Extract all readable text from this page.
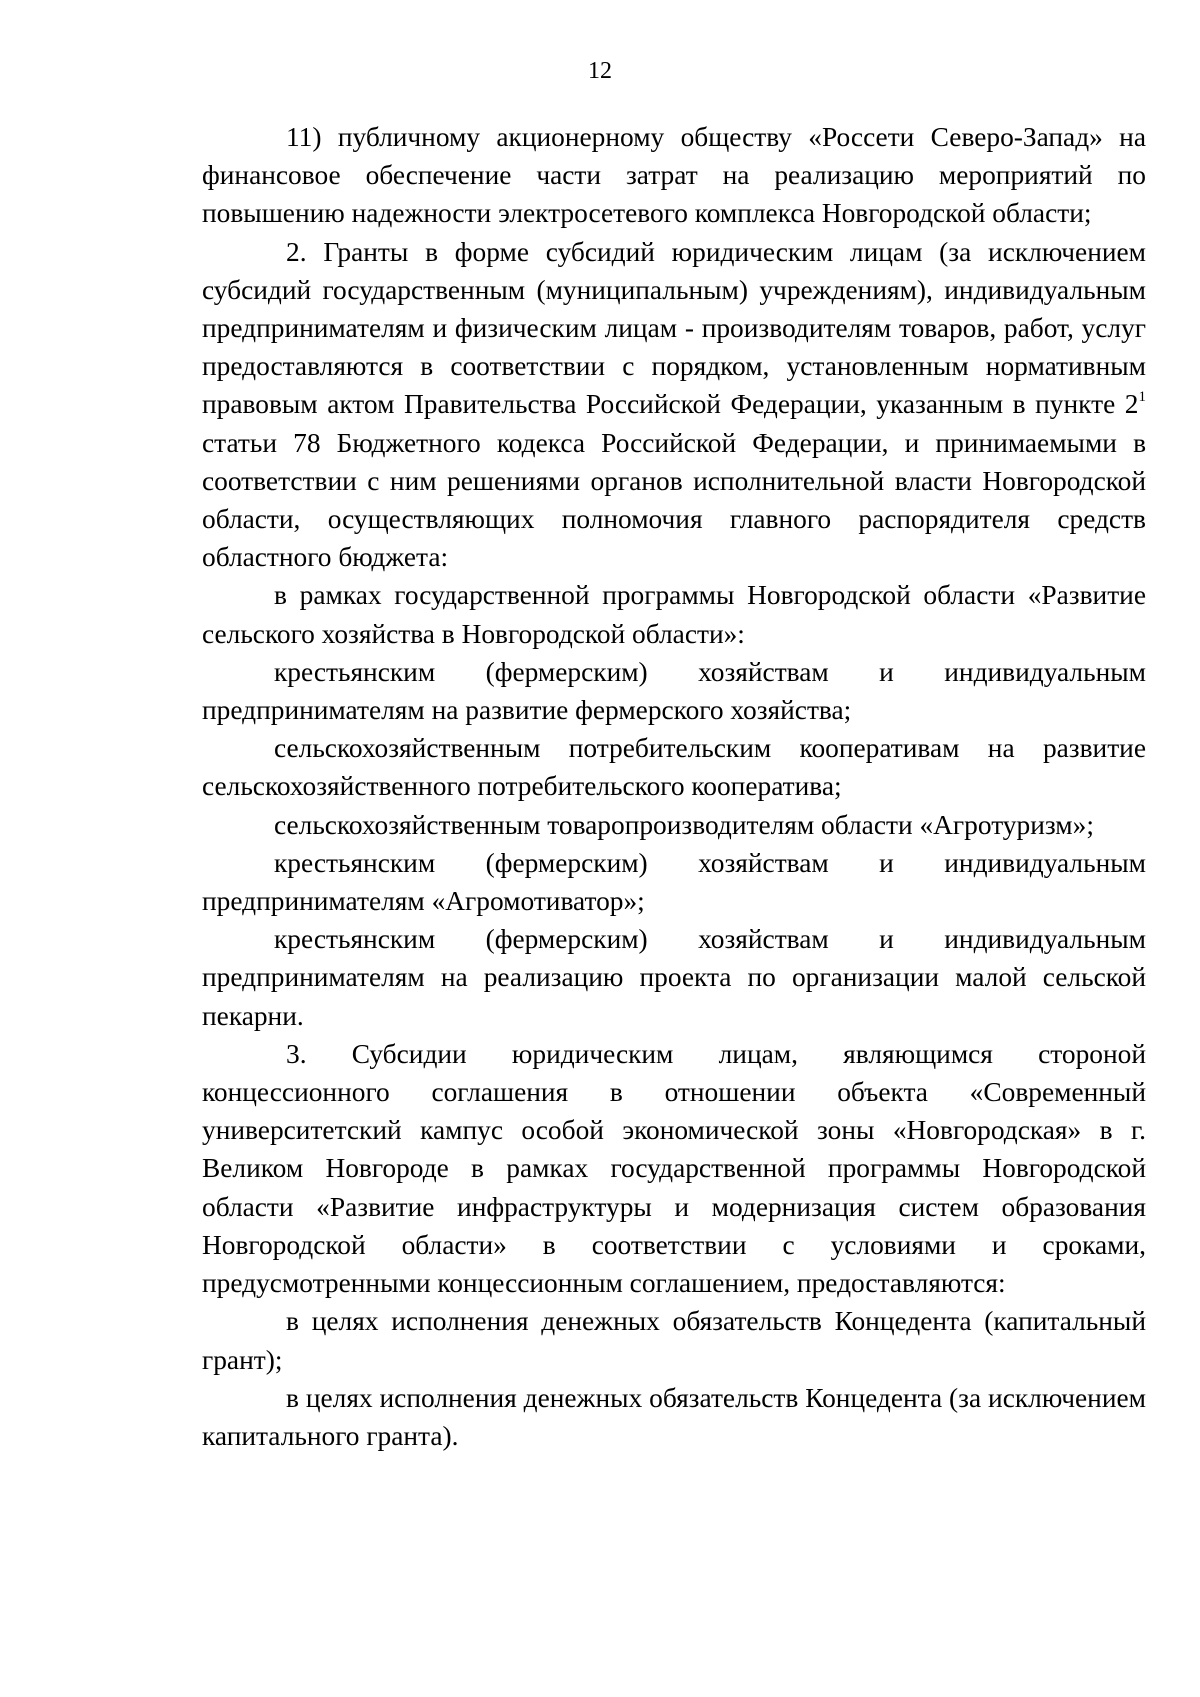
12

11) публичному акционерному обществу «Россети Северо-Запад» на финансовое обеспечение части затрат на реализацию мероприятий по повышению надежности электросетевого комплекса Новгородской области;

2. Гранты в форме субсидий юридическим лицам (за исключением субсидий государственным (муниципальным) учреждениям), индивидуальным предпринимателям и физическим лицам - производителям товаров, работ, услуг предоставляются в соответствии с порядком, установленным нормативным правовым актом Правительства Российской Федерации, указанным в пункте $2^1$ статьи 78 Бюджетного кодекса Российской Федерации, и принимаемыми в соответствии с ним решениями органов исполнительной власти Новгородской области, осуществляющих полномочия главного распорядителя средств областного бюджета:

в рамках государственной программы Новгородской области «Развитие сельского хозяйства в Новгородской области»:

крестьянским (фермерским) хозяйствам и индивидуальным предпринимателям на развитие фермерского хозяйства;

сельскохозяйственным потребительским кооперативам на развитие сельскохозяйственного потребительского кооператива;

сельскохозяйственным товаропроизводителям области «Агротуризм»;

крестьянским (фермерским) хозяйствам и индивидуальным предпринимателям «Агромотиватор»;

крестьянским (фермерским) хозяйствам и индивидуальным предпринимателям на реализацию проекта по организации малой сельской пекарни.

3. Субсидии юридическим лицам, являющимся стороной концессионного соглашения в отношении объекта «Современный университетский кампус особой экономической зоны «Новгородская» в г. Великом Новгороде в рамках государственной программы Новгородской области «Развитие инфраструктуры и модернизация систем образования Новгородской области» в соответствии с условиями и сроками, предусмотренными концессионным соглашением, предоставляются:

в целях исполнения денежных обязательств Концедента (капитальный грант);

в целях исполнения денежных обязательств Концедента (за исключением капитального гранта).
